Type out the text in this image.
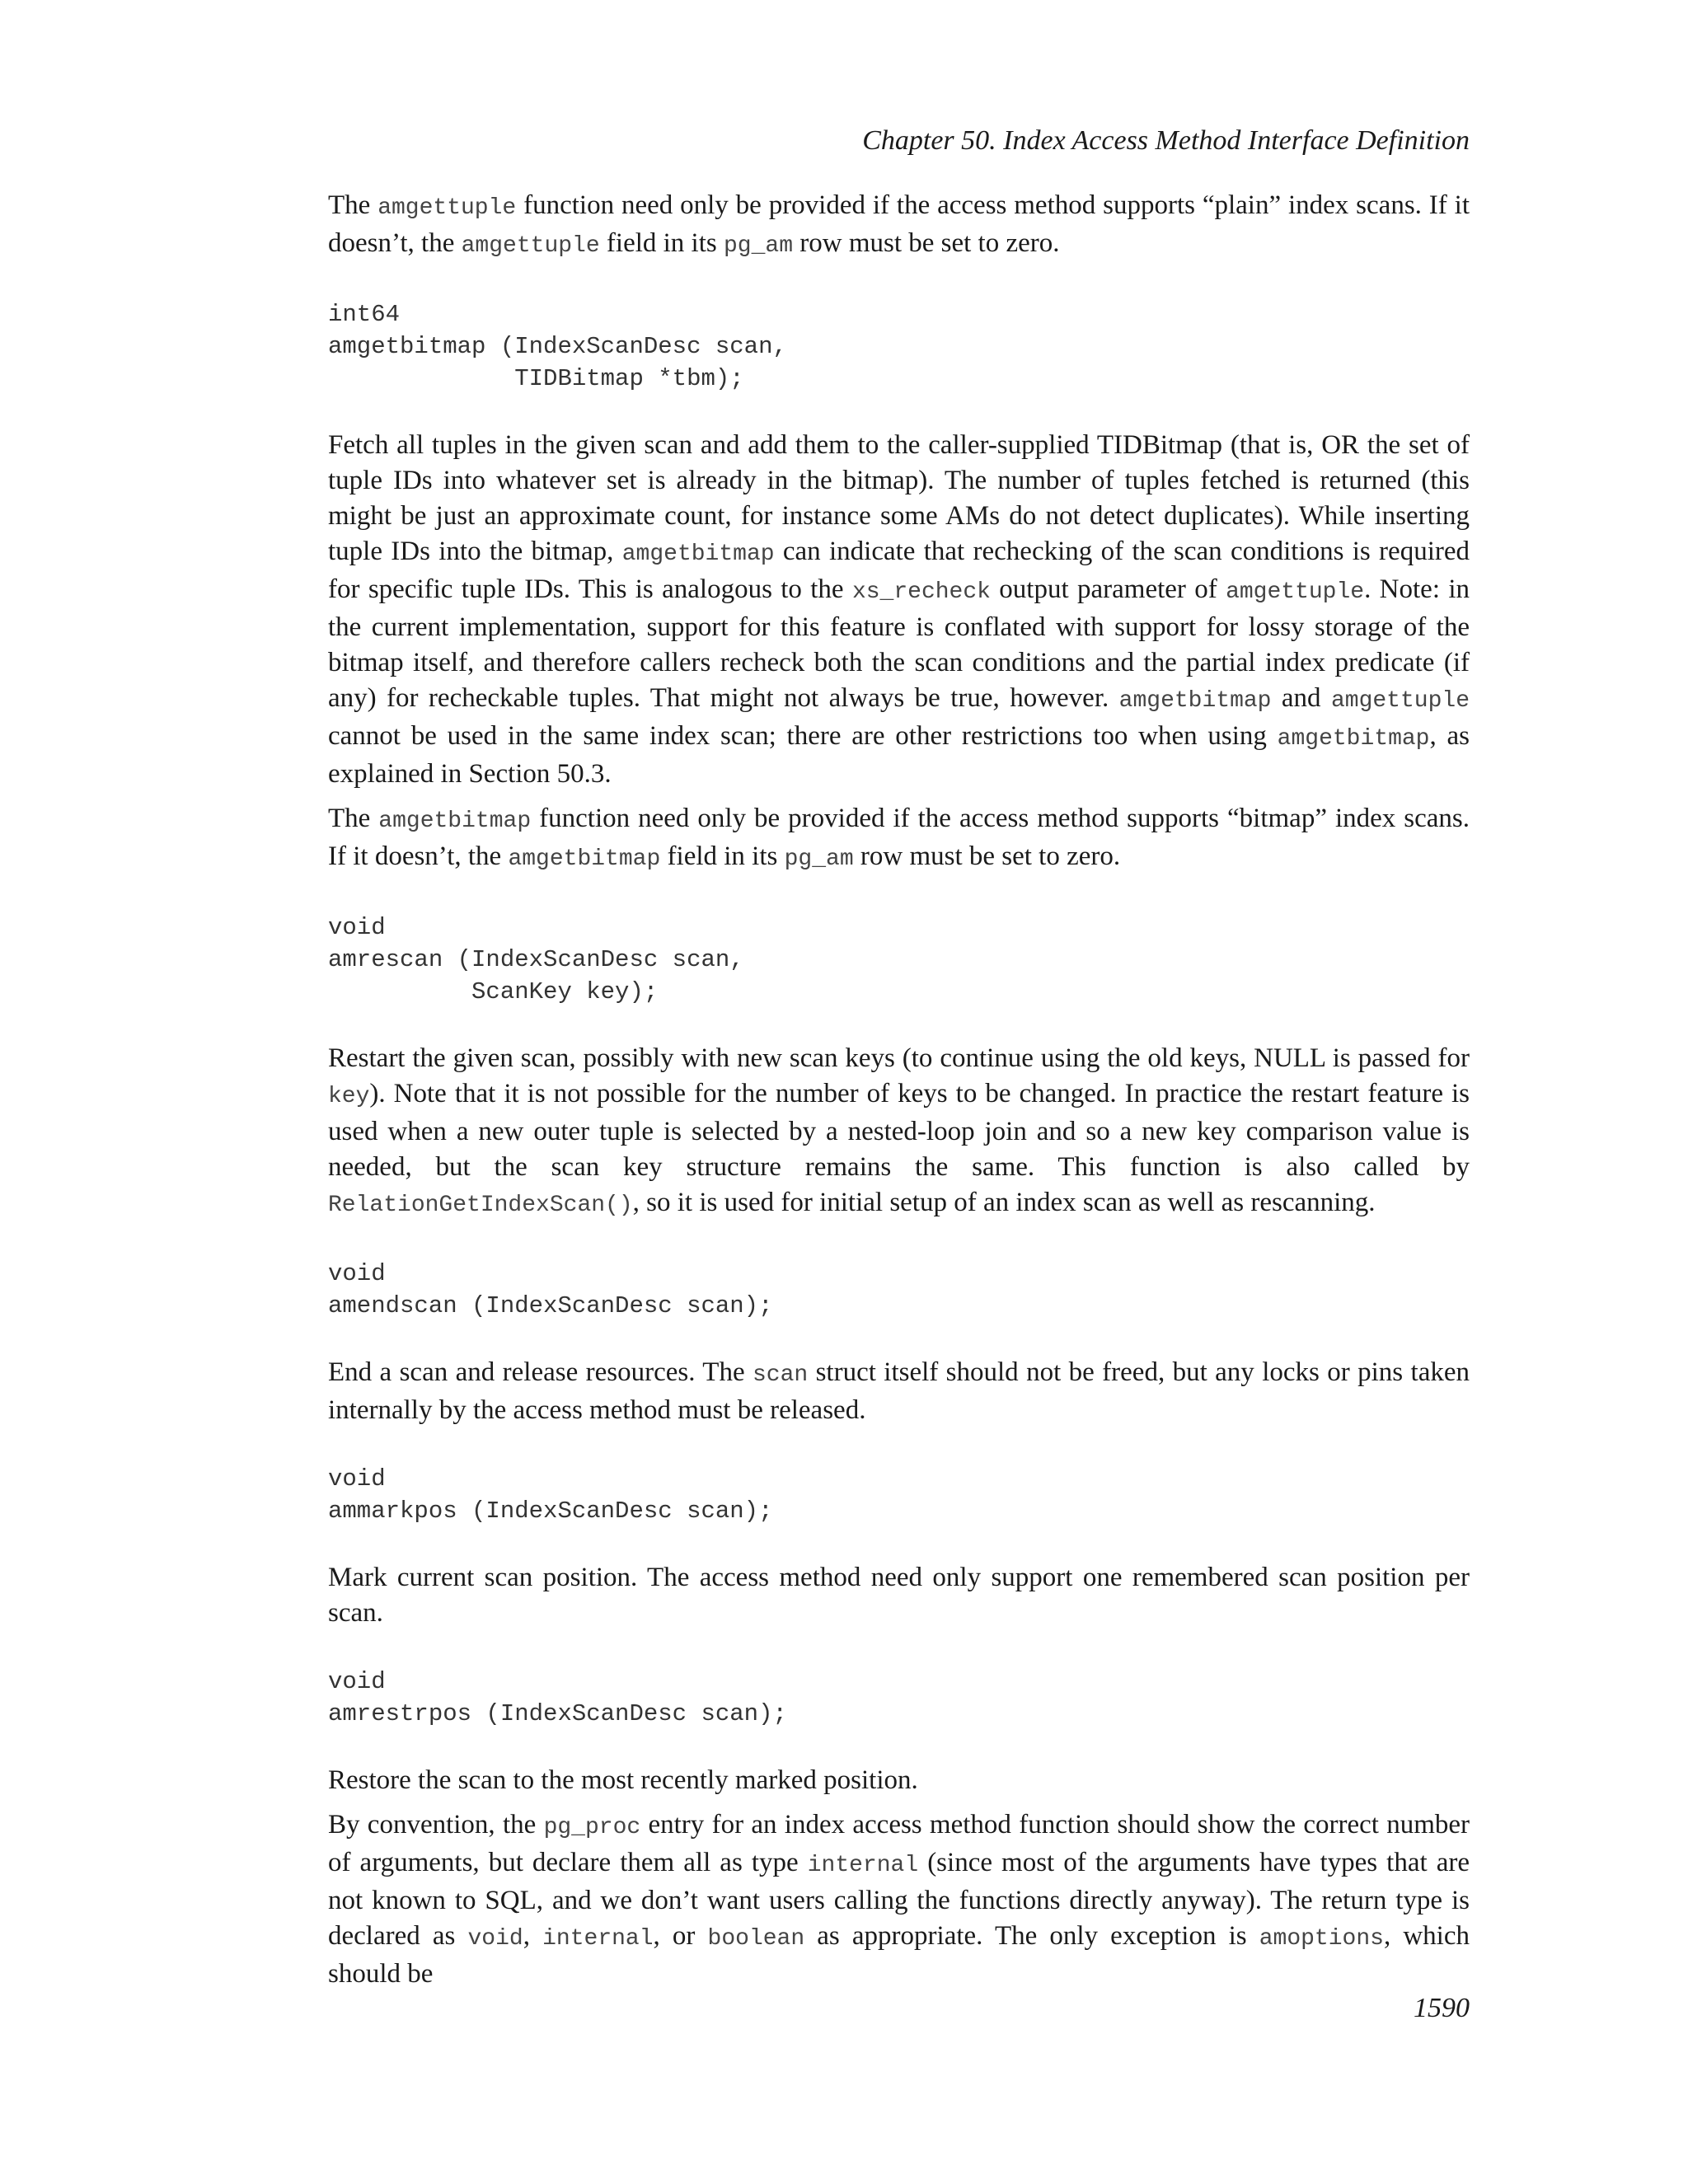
Chapter 50. Index Access Method Interface Definition

The amgettuple function need only be provided if the access method supports “plain” index scans. If it doesn’t, the amgettuple field in its pg_am row must be set to zero.

int64
amgetbitmap (IndexScanDesc scan,
TIDBitmap *tbm);

Fetch all tuples in the given scan and add them to the caller-supplied TIDBitmap (that is, OR the set of tuple IDs into whatever set is already in the bitmap). The number of tuples fetched is returned (this might be just an approximate count, for instance some AMs do not detect duplicates). While inserting tuple IDs into the bitmap, amgetbitmap can indicate that rechecking of the scan conditions is required for specific tuple IDs. This is analogous to the xs_recheck output parameter of amgettuple. Note: in the current implementation, support for this feature is conflated with support for lossy storage of the bitmap itself, and therefore callers recheck both the scan conditions and the partial index predicate (if any) for recheckable tuples. That might not always be true, however. amgetbitmap and amgettuple cannot be used in the same index scan; there are other restrictions too when using amgetbitmap, as explained in Section 50.3.

The amgetbitmap function need only be provided if the access method supports “bitmap” index scans. If it doesn’t, the amgetbitmap field in its pg_am row must be set to zero.

void
amrescan (IndexScanDesc scan,
ScanKey key);

Restart the given scan, possibly with new scan keys (to continue using the old keys, NULL is passed for key). Note that it is not possible for the number of keys to be changed. In practice the restart feature is used when a new outer tuple is selected by a nested-loop join and so a new key comparison value is needed, but the scan key structure remains the same. This function is also called by RelationGetIndexScan(), so it is used for initial setup of an index scan as well as rescanning.

void
amendscan (IndexScanDesc scan);

End a scan and release resources. The scan struct itself should not be freed, but any locks or pins taken internally by the access method must be released.

void
ammarkpos (IndexScanDesc scan);

Mark current scan position. The access method need only support one remembered scan position per scan.

void
amrestrpos (IndexScanDesc scan);

Restore the scan to the most recently marked position.

By convention, the pg_proc entry for an index access method function should show the correct number of arguments, but declare them all as type internal (since most of the arguments have types that are not known to SQL, and we don’t want users calling the functions directly anyway). The return type is declared as void, internal, or boolean as appropriate. The only exception is amoptions, which should be

1590
